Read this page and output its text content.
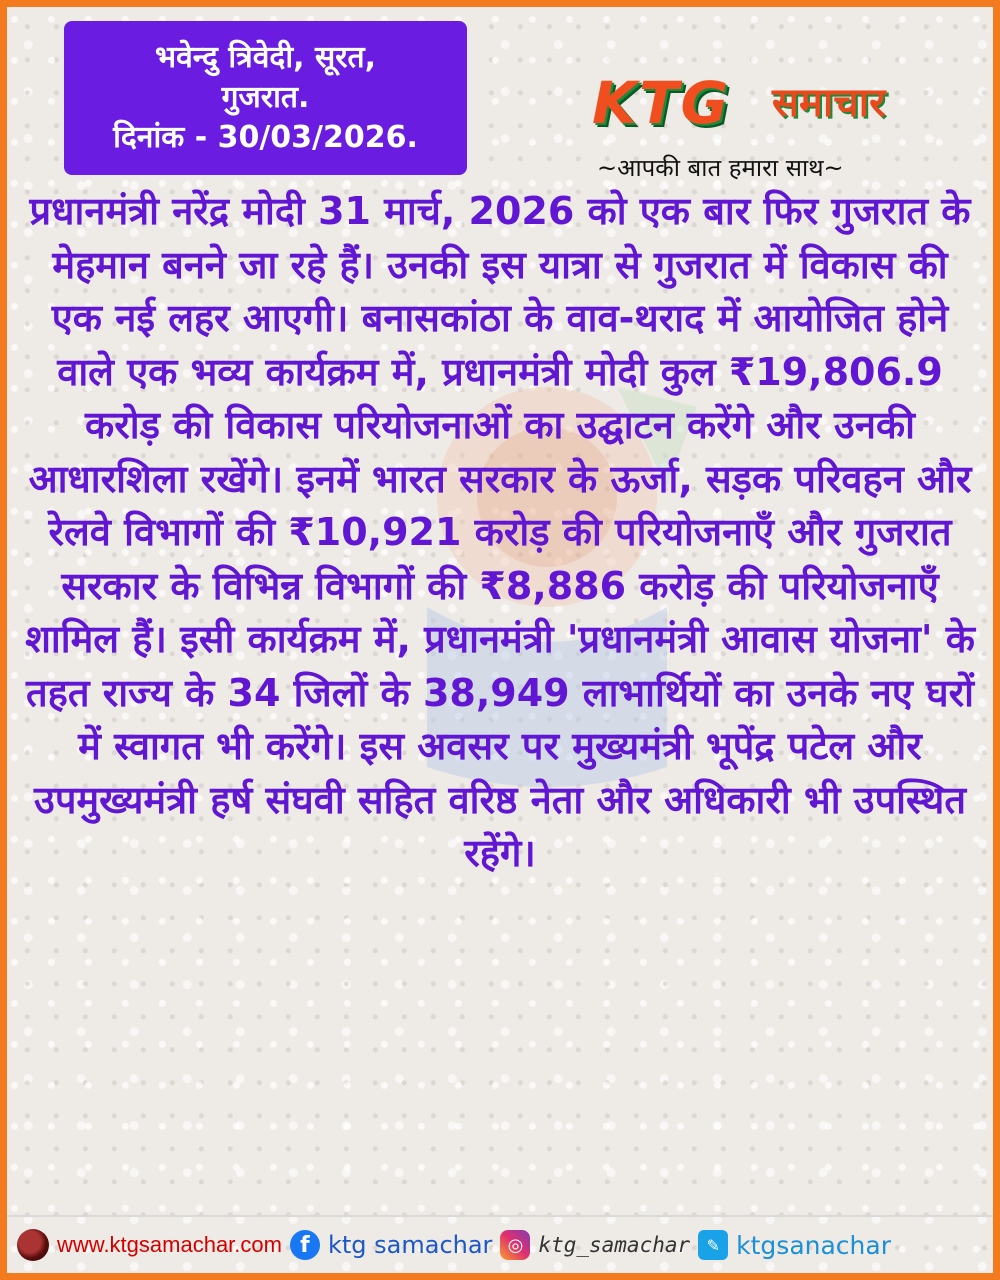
भवेन्दु त्रिवेदी, सूरत,
गुजरात.
दिनांक - 30/03/2026.
KTG समाचार
~आपकी बात हमारा साथ~

प्रधानमंत्री नरेंद्र मोदी 31 मार्च, 2026 को एक बार फिर गुजरात के मेहमान बनने जा रहे हैं। उनकी इस यात्रा से गुजरात में विकास की एक नई लहर आएगी। बनासकांठा के वाव-थराद में आयोजित होने वाले एक भव्य कार्यक्रम में, प्रधानमंत्री मोदी कुल ₹19,806.9 करोड़ की विकास परियोजनाओं का उद्घाटन करेंगे और उनकी आधारशिला रखेंगे। इनमें भारत सरकार के ऊर्जा, सड़क परिवहन और रेलवे विभागों की ₹10,921 करोड़ की परियोजनाएँ और गुजरात सरकार के विभिन्न विभागों की ₹8,886 करोड़ की परियोजनाएँ शामिल हैं। इसी कार्यक्रम में, प्रधानमंत्री 'प्रधानमंत्री आवास योजना' के तहत राज्य के 34 जिलों के 38,949 लाभार्थियों का उनके नए घरों में स्वागत भी करेंगे। इस अवसर पर मुख्यमंत्री भूपेंद्र पटेल और उपमुख्यमंत्री हर्ष संघवी सहित वरिष्ठ नेता और अधिकारी भी उपस्थित रहेंगे।

www.ktgsamachar.com f ktg samachar ◎ ktg_samachar	✎ ktgsanachar
